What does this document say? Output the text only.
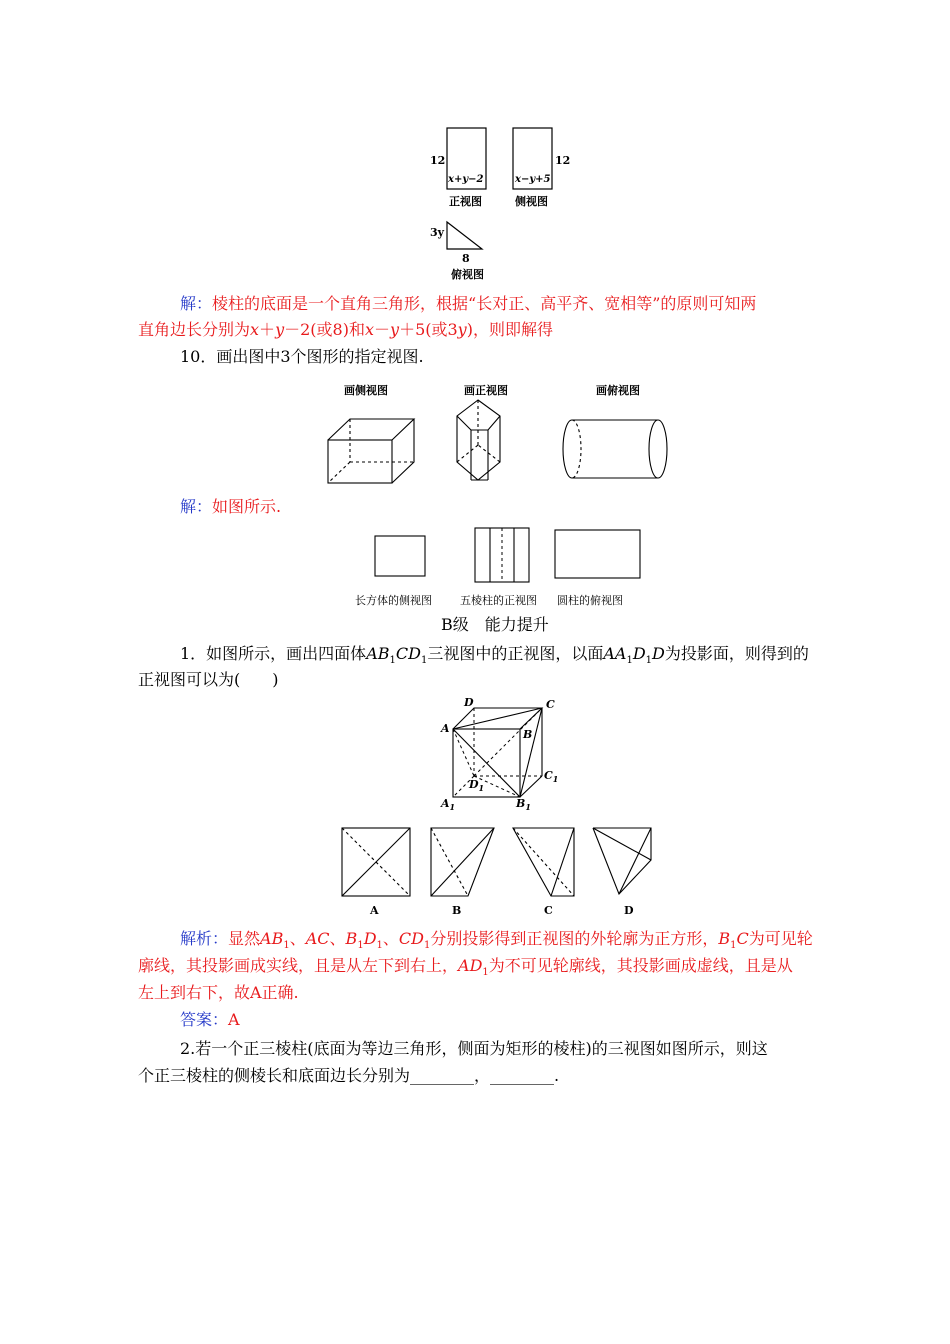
12
x+y−2
正视图
12
x−y+5
侧视图
3y
8
俯视图
解：棱柱的底面是一个直角三角形，根据“长对正、高平齐、宽相等”的原则可知两
直角边长分别为x＋y－2(或8)和x－y＋5(或3y)，则即解得
10．画出图中3个图形的指定视图.
画侧视图	画正视图	画俯视图
解：如图所示.
长方体的侧视图	五棱柱的正视图 圆柱的俯视图
B级　能力提升
1．如图所示，画出四面体$AB_1CD_1$三视图中的正视图，以面$AA_1D_1D$为投影面，则得到的
正视图可以为(　　)
D	C
A	B
$C_1$
$D_1$
$A_1$	$B_1$
A	B	C	D
解析：显然$AB_1$、AC、$B_1D_1$、$CD_1$分别投影得到正视图的外轮廓为正方形，$B_1C$为可见轮
廓线，其投影画成实线，且是从左下到右上，$AD_1$为不可见轮廓线，其投影画成虚线，且是从
左上到右下，故A正确.
答案：A
2.若一个正三棱柱(底面为等边三角形，侧面为矩形的棱柱)的三视图如图所示，则这
个正三棱柱的侧棱长和底面边长分别为________，________.
